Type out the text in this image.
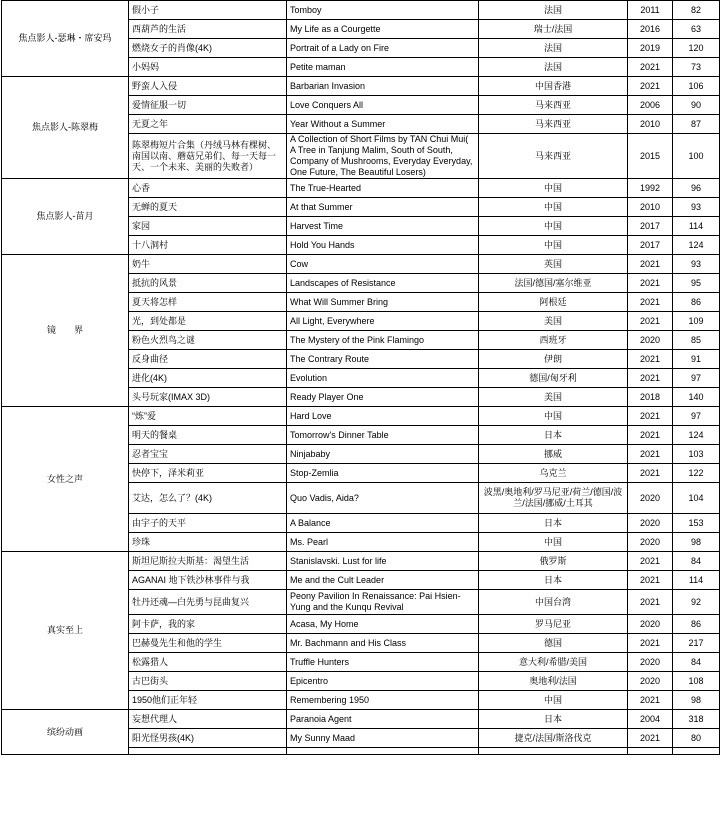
焦点影人-瑟琳・席安玛	假小子	Tomboy	法国	2011	82
	西葫芦的生活	My Life as a Courgette	瑞士/法国	2016	63
	燃烧女子的肖像(4K)	Portrait of a Lady on Fire	法国	2019	120
	小妈妈	Petite maman	法国	2021	73
焦点影人-陈翠梅	野蛮人入侵	Barbarian Invasion	中国香港	2021	106
	爱情征服一切	Love Conquers All	马来西亚	2006	90
	无夏之年	Year Without a Summer	马来西亚	2010	87
	陈翠梅短片合集（丹绒马林有棵树、南国以南、蘑菇兄弟们、每一天每一天、一个未来、美丽的失败者）	A Collection of Short Films by TAN Chui Mui( A Tree in Tanjung Malim, South of South, Company of Mushrooms, Everyday Everyday, One Future, The Beautiful Losers)	马来西亚	2015	100
焦点影人-苗月	心香	The True-Hearted	中国	1992	96
	无蝉的夏天	At that Summer	中国	2010	93
	家园	Harvest Time	中国	2017	114
	十八洞村	Hold You Hands	中国	2017	124
镜　　界	奶牛	Cow	英国	2021	93
	抵抗的风景	Landscapes of Resistance	法国/德国/塞尔维亚	2021	95
	夏天将怎样	What Will Summer Bring	阿根廷	2021	86
	光，到处都是	All Light, Everywhere	美国	2021	109
	粉色火烈鸟之谜	The Mystery of the Pink Flamingo	西班牙	2020	85
	反身曲径	The Contrary Route	伊朗	2021	91
	进化(4K)	Evolution	德国/匈牙利	2021	97
	头号玩家(IMAX 3D)	Ready Player One	美国	2018	140
女性之声	“炼”爱	Hard Love	中国	2021	97
	明天的餐桌	Tomorrow's Dinner Table	日本	2021	124
	忍者宝宝	Ninjababy	挪威	2021	103
	快停下，泽米莉亚	Stop-Zemlia	乌克兰	2021	122
	艾达，怎么了？(4K)	Quo Vadis, Aida?	波黑/奥地利/罗马尼亚/荷兰/德国/波兰/法国/挪威/土耳其	2020	104
	由宇子的天平	A Balance	日本	2020	153
	珍珠	Ms. Pearl	中国	2020	98
真实至上	斯坦尼斯拉夫斯基：渴望生活	Stanislavski. Lust for life	俄罗斯	2021	84
	AGANAI 地下铁沙林事件与我	Me and the Cult Leader	日本	2021	114
	牡丹还魂—白先勇与昆曲复兴	Peony Pavilion In Renaissance: Pai Hsien-Yung and the Kunqu Revival	中国台湾	2021	92
	阿卡萨，我的家	Acasa, My Home	罗马尼亚	2020	86
	巴赫曼先生和他的学生	Mr. Bachmann and His Class	德国	2021	217
	松露猎人	Truffle Hunters	意大利/希腊/美国	2020	84
	古巴街头	Epicentro	奥地利/法国	2020	108
	1950他们正年轻	Remembering 1950	中国	2021	98
缤纷动画	妄想代理人	Paranoia Agent	日本	2004	318
	阳光怪男孩(4K)	My Sunny Maad	捷克/法国/斯洛伐克	2021	80
